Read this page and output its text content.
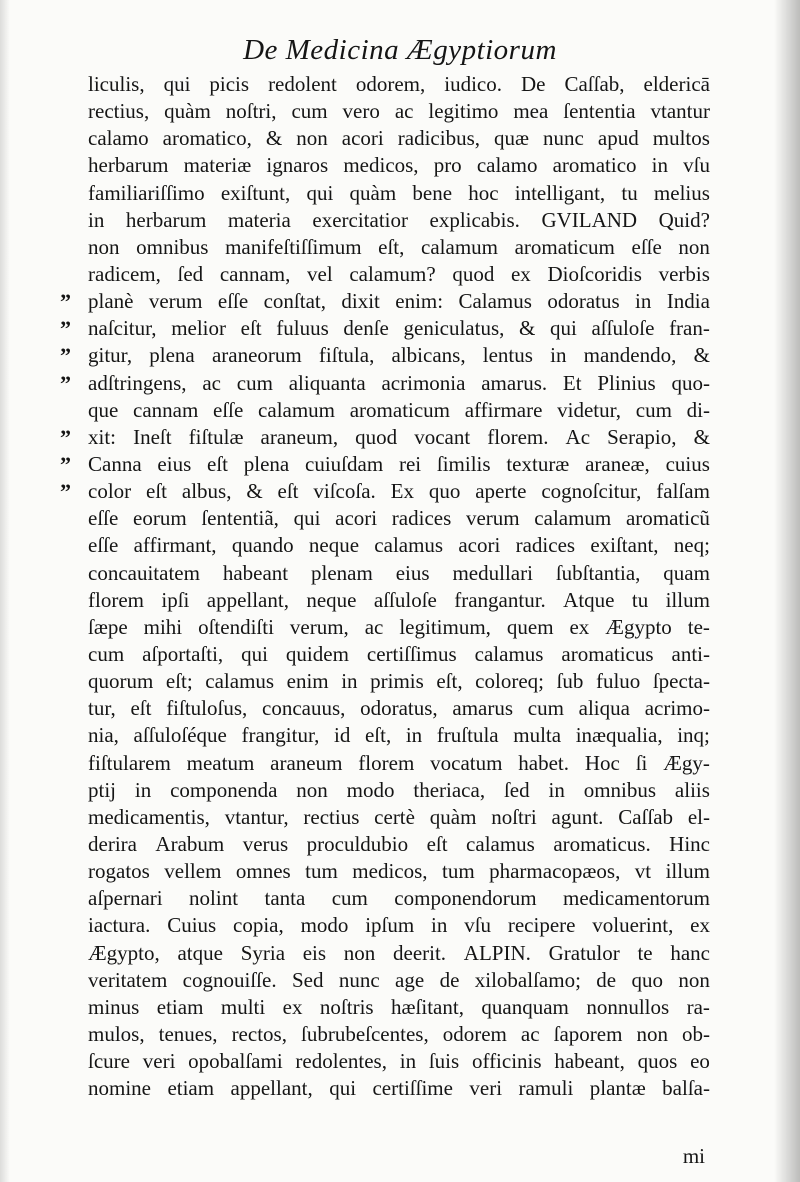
De Medicina Ægyptiorum
liculis, qui picis redolent odorem, iudico. De Caſſab, eldericā
rectius, quàm noſtri, cum vero ac legitimo mea ſententia vtantur
calamo aromatico, & non acori radicibus, quæ nunc apud multos
herbarum materiæ ignaros medicos, pro calamo aromatico in vſu
familiariſſimo exiſtunt, qui quàm bene hoc intelligant, tu melius
in herbarum materia exercitatior explicabis. GVILAND Quid?
non omnibus manifeſtiſſimum eſt, calamum aromaticum eſſe non
radicem, ſed cannam, vel calamum? quod ex Dioſcoridis verbis
” planè verum eſſe conſtat, dixit enim: Calamus odoratus in India
” naſcitur, melior eſt fuluus denſe geniculatus, & qui aſſuloſe fran-
” gitur, plena araneorum fiſtula, albicans, lentus in mandendo, &
” adſtringens, ac cum aliquanta acrimonia amarus. Et Plinius quo-
que cannam eſſe calamum aromaticum affirmare videtur, cum di-
” xit: Ineſt fiſtulæ araneum, quod vocant florem. Ac Serapio, &
” Canna eius eſt plena cuiuſdam rei ſimilis texturæ araneæ, cuius
” color eſt albus, & eſt viſcoſa. Ex quo aperte cognoſcitur, falſam
eſſe eorum ſententiã, qui acori radices verum calamum aromaticũ
eſſe affirmant, quando neque calamus acori radices exiſtant, neq;
concauitatem habeant plenam eius medullari ſubſtantia, quam
florem ipſi appellant, neque aſſuloſe frangantur. Atque tu illum
ſæpe mihi oſtendiſti verum, ac legitimum, quem ex Ægypto te-
cum aſportaſti, qui quidem certiſſimus calamus aromaticus anti-
quorum eſt; calamus enim in primis eſt, coloreq; ſub fuluo ſpecta-
tur, eſt fiſtuloſus, concauus, odoratus, amarus cum aliqua acrimo-
nia, aſſuloſéque frangitur, id eſt, in fruſtula multa inæqualia, inq;
fiſtularem meatum araneum florem vocatum habet. Hoc ſi Ægy-
ptij in componenda non modo theriaca, ſed in omnibus aliis
medicamentis, vtantur, rectius certè quàm noſtri agunt. Caſſab el-
derira Arabum verus proculdubio eſt calamus aromaticus. Hinc
rogatos vellem omnes tum medicos, tum pharmacopæos, vt illum
aſpernari nolint tanta cum componendorum medicamentorum
iactura. Cuius copia, modo ipſum in vſu recipere voluerint, ex
Ægypto, atque Syria eis non deerit. ALPIN. Gratulor te hanc
veritatem cognouiſſe. Sed nunc age de xilobalſamo; de quo non
minus etiam multi ex noſtris hæſitant, quanquam nonnullos ra-
mulos, tenues, rectos, ſubrubeſcentes, odorem ac ſaporem non ob-
ſcure veri opobalſami redolentes, in ſuis officinis habeant, quos eo
nomine etiam appellant, qui certiſſime veri ramuli plantæ balſa-
mi
